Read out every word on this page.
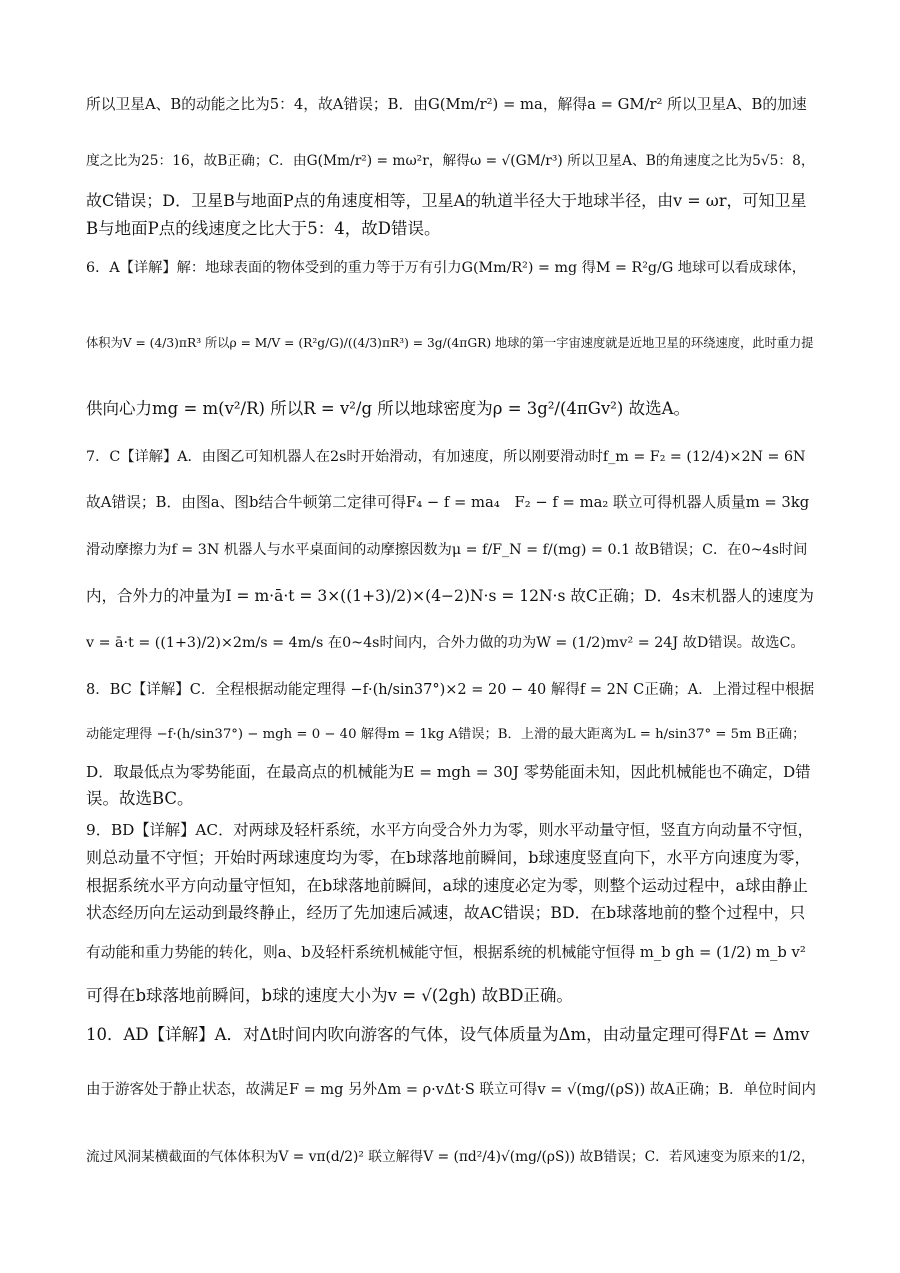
所以卫星A、B的动能之比为5：4，故A错误；B．由G(Mm/r²) = ma，解得a = GM/r² 所以卫星A、B的加速
度之比为25：16，故B正确；C．由G(Mm/r²) = mω²r，解得ω = √(GM/r³) 所以卫星A、B的角速度之比为5√5：8，
故C错误；D．卫星B与地面P点的角速度相等，卫星A的轨道半径大于地球半径，由v = ωr，可知卫星
B与地面P点的线速度之比大于5：4，故D错误。
6．A【详解】解：地球表面的物体受到的重力等于万有引力G(Mm/R²) = mg 得M = R²g/G 地球可以看成球体，
体积为V = (4/3)πR³ 所以ρ = M/V = (R²g/G)/((4/3)πR³) = 3g/(4πGR) 地球的第一宇宙速度就是近地卫星的环绕速度，此时重力提
供向心力mg = m(v²/R) 所以R = v²/g 所以地球密度为ρ = 3g²/(4πGv²) 故选A。
7．C【详解】A．由图乙可知机器人在2s时开始滑动，有加速度，所以刚要滑动时f_m = F₂ = (12/4)×2N = 6N
故A错误；B．由图a、图b结合牛顿第二定律可得F₄ − f = ma₄　F₂ − f = ma₂ 联立可得机器人质量m = 3kg
滑动摩擦力为f = 3N 机器人与水平桌面间的动摩擦因数为μ = f/F_N = f/(mg) = 0.1 故B错误；C．在0~4s时间
内，合外力的冲量为I = m·ā·t = 3×((1+3)/2)×(4−2)N·s = 12N·s 故C正确；D．4s末机器人的速度为
v = ā·t = ((1+3)/2)×2m/s = 4m/s 在0~4s时间内，合外力做的功为W = (1/2)mv² = 24J 故D错误。故选C。
8．BC【详解】C．全程根据动能定理得 −f·(h/sin37°)×2 = 20 − 40 解得f = 2N C正确；A．上滑过程中根据
动能定理得 −f·(h/sin37°) − mgh = 0 − 40 解得m = 1kg A错误；B．上滑的最大距离为L = h/sin37° = 5m B正确；
D．取最低点为零势能面，在最高点的机械能为E = mgh = 30J 零势能面未知，因此机械能也不确定，D错
误。故选BC。
9．BD【详解】AC．对两球及轻杆系统，水平方向受合外力为零，则水平动量守恒，竖直方向动量不守恒，
则总动量不守恒；开始时两球速度均为零，在b球落地前瞬间，b球速度竖直向下，水平方向速度为零，
根据系统水平方向动量守恒知，在b球落地前瞬间，a球的速度必定为零，则整个运动过程中，a球由静止
状态经历向左运动到最终静止，经历了先加速后减速，故AC错误；BD．在b球落地前的整个过程中，只
有动能和重力势能的转化，则a、b及轻杆系统机械能守恒，根据系统的机械能守恒得 m_b gh = (1/2) m_b v²
可得在b球落地前瞬间，b球的速度大小为v = √(2gh) 故BD正确。
10．AD【详解】A．对Δt时间内吹向游客的气体，设气体质量为Δm，由动量定理可得FΔt = Δmv
由于游客处于静止状态，故满足F = mg 另外Δm = ρ·vΔt·S 联立可得v = √(mg/(ρS)) 故A正确；B．单位时间内
流过风洞某横截面的气体体积为V = vπ(d/2)² 联立解得V = (πd²/4)√(mg/(ρS)) 故B错误；C．若风速变为原来的1/2，
